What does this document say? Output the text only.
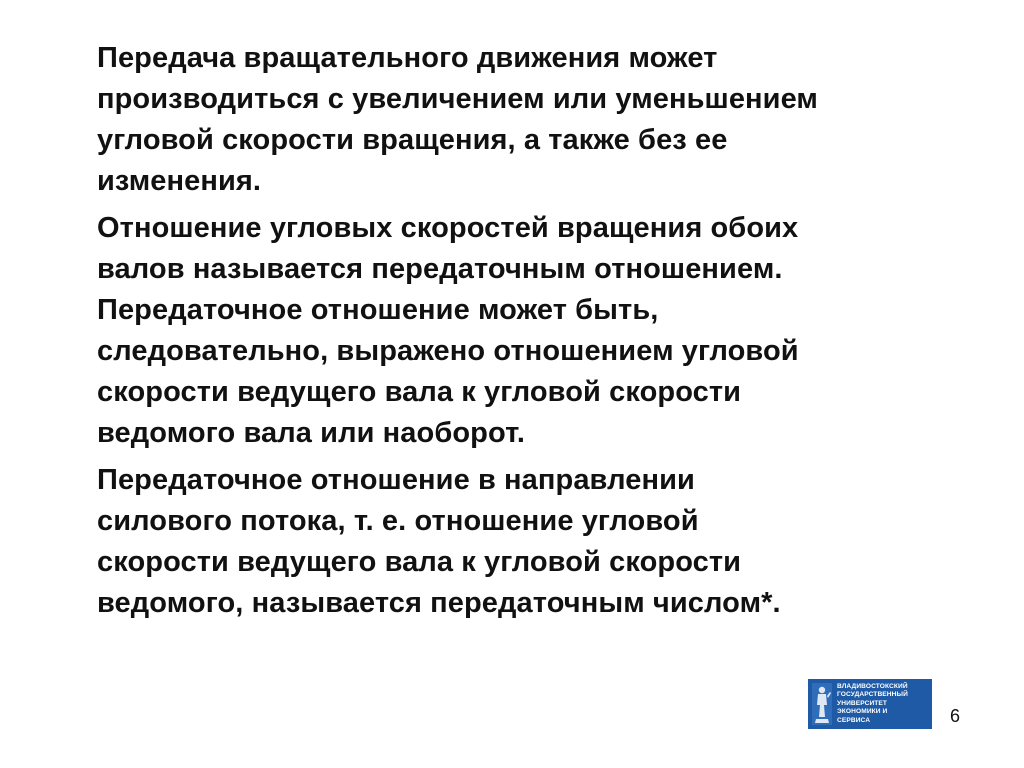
Передача вращательного движения может
производиться с увеличением или уменьшением
угловой скорости вращения, а также без ее
изменения.

Отношение угловых скоростей вращения обоих
валов называется передаточным отношением.
Передаточное отношение может быть,
следовательно, выражено отношением угловой
скорости ведущего вала к угловой скорости
ведомого вала или наоборот.

Передаточное отношение в направлении
силового потока, т. е. отношение угловой
скорости ведущего вала к угловой скорости
ведомого, называется передаточным числом*.

ВЛАДИВОСТОКСКИЙ
ГОСУДАРСТВЕННЫЙ
УНИВЕРСИТЕТ
ЭКОНОМИКИ И
СЕРВИСА	6
